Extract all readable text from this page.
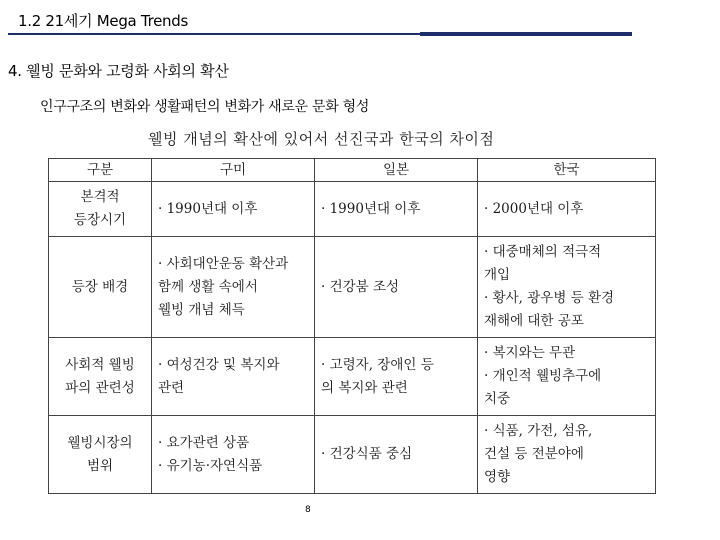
1.2 21세기 Mega Trends
4. 웰빙 문화와 고령화 사회의 확산
인구구조의 변화와 생활패턴의 변화가 새로운 문화 형성
웰빙 개념의 확산에 있어서 선진국과 한국의 차이점
구분	구미	일본	한국

본격적
등장시기	· 1990년대 이후	· 1990년대 이후	· 2000년대 이후

등장 배경	· 사회대안운동 확산과
함께 생활 속에서
웰빙 개념 체득	· 건강붐 조성	· 대중매체의 적극적
개입
· 황사, 광우병 등 환경
재해에 대한 공포

사회적 웰빙
파의 관련성	· 여성건강 및 복지와
관련	· 고령자, 장애인 등
의 복지와 관련	· 복지와는 무관
· 개인적 웰빙추구에
치중

웰빙시장의
범위	· 요가관련 상품
· 유기농·자연식품	· 건강식품 중심	· 식품, 가전, 섬유,
건설 등 전분야에
영향
8
